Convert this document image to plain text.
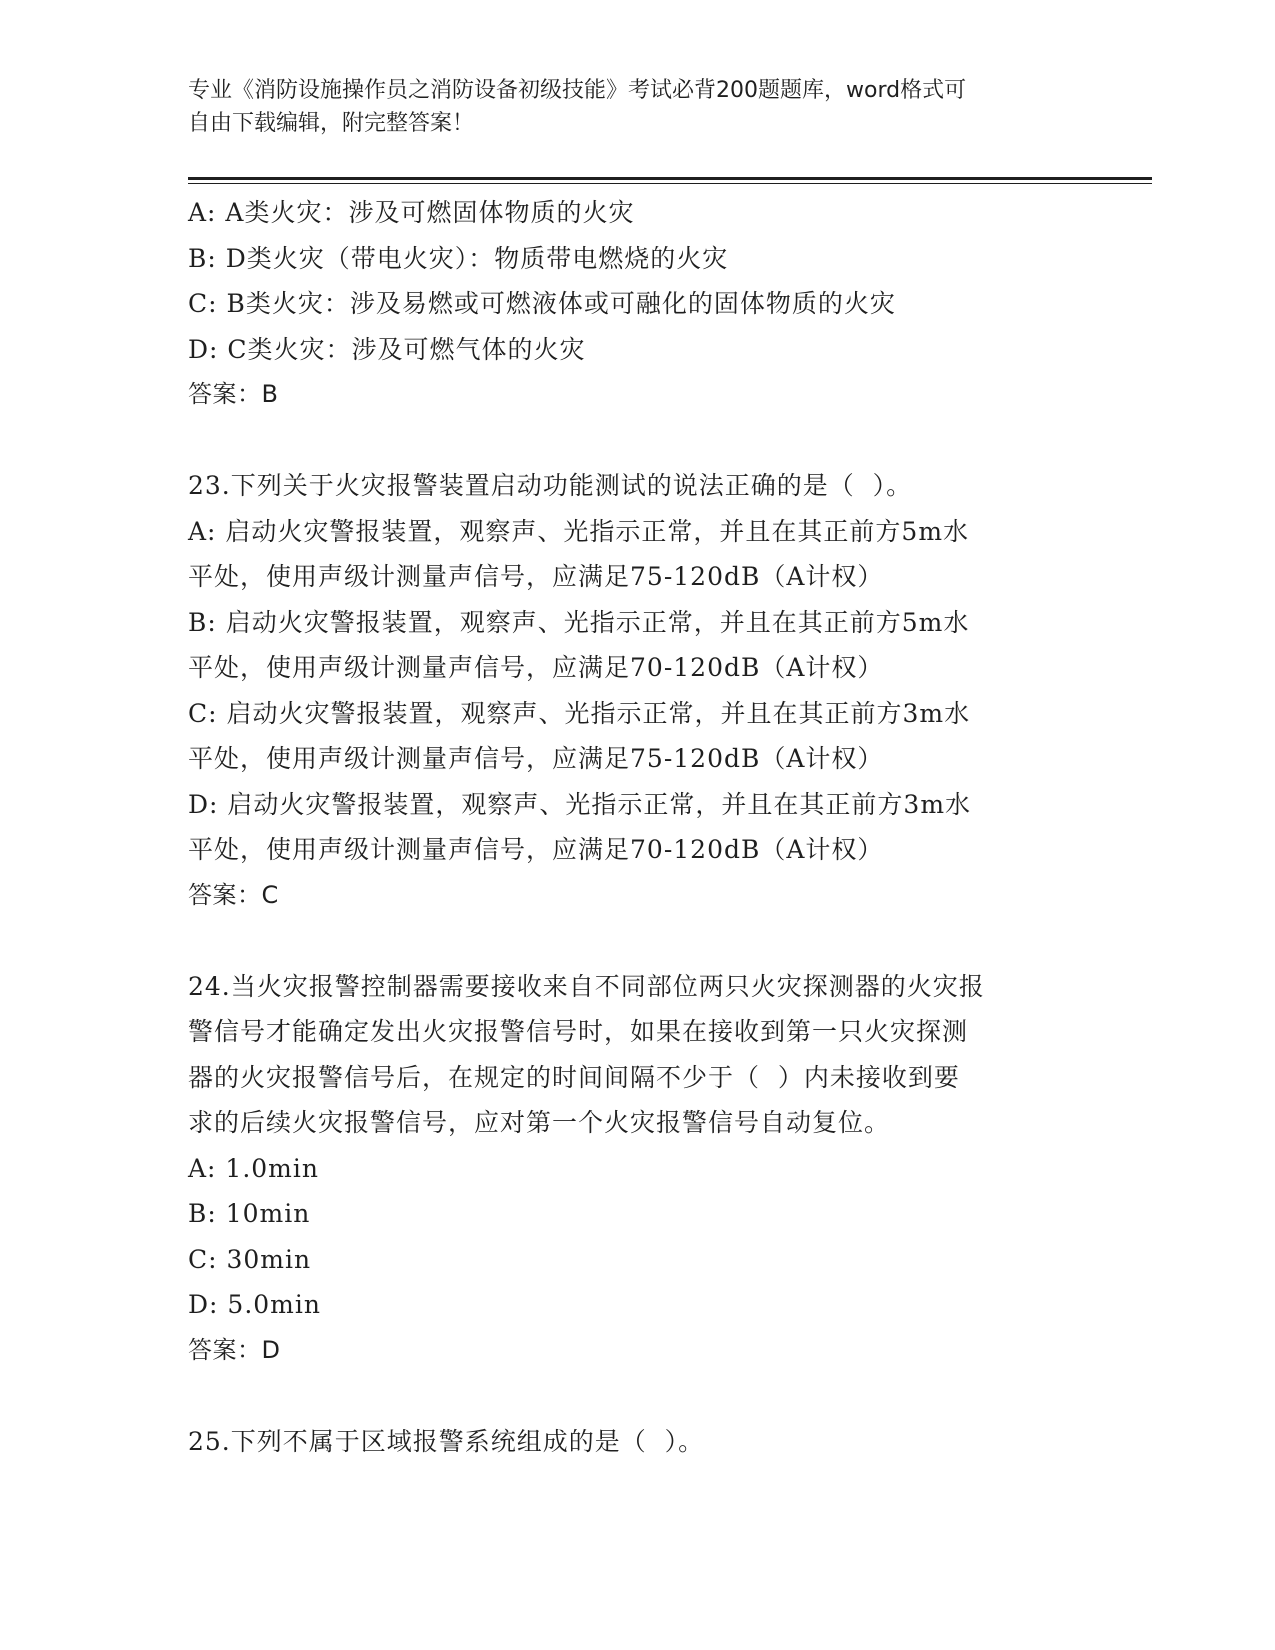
专业《消防设施操作员之消防设备初级技能》考试必背200题题库，word格式可
自由下载编辑，附完整答案！
A: A类火灾：涉及可燃固体物质的火灾
B: D类火灾（带电火灾）：物质带电燃烧的火灾
C: B类火灾：涉及易燃或可燃液体或可融化的固体物质的火灾
D: C类火灾：涉及可燃气体的火灾
答案：B
23.下列关于火灾报警装置启动功能测试的说法正确的是（  ）。
A: 启动火灾警报装置，观察声、光指示正常，并且在其正前方5m水
平处，使用声级计测量声信号，应满足75-120dB（A计权）
B: 启动火灾警报装置，观察声、光指示正常，并且在其正前方5m水
平处，使用声级计测量声信号，应满足70-120dB（A计权）
C: 启动火灾警报装置，观察声、光指示正常，并且在其正前方3m水
平处，使用声级计测量声信号，应满足75-120dB（A计权）
D: 启动火灾警报装置，观察声、光指示正常，并且在其正前方3m水
平处，使用声级计测量声信号，应满足70-120dB（A计权）
答案：C
24.当火灾报警控制器需要接收来自不同部位两只火灾探测器的火灾报
警信号才能确定发出火灾报警信号时，如果在接收到第一只火灾探测
器的火灾报警信号后，在规定的时间间隔不少于（  ）内未接收到要
求的后续火灾报警信号，应对第一个火灾报警信号自动复位。
A: 1.0min
B: 10min
C: 30min
D: 5.0min
答案：D
25.下列不属于区域报警系统组成的是（  ）。
